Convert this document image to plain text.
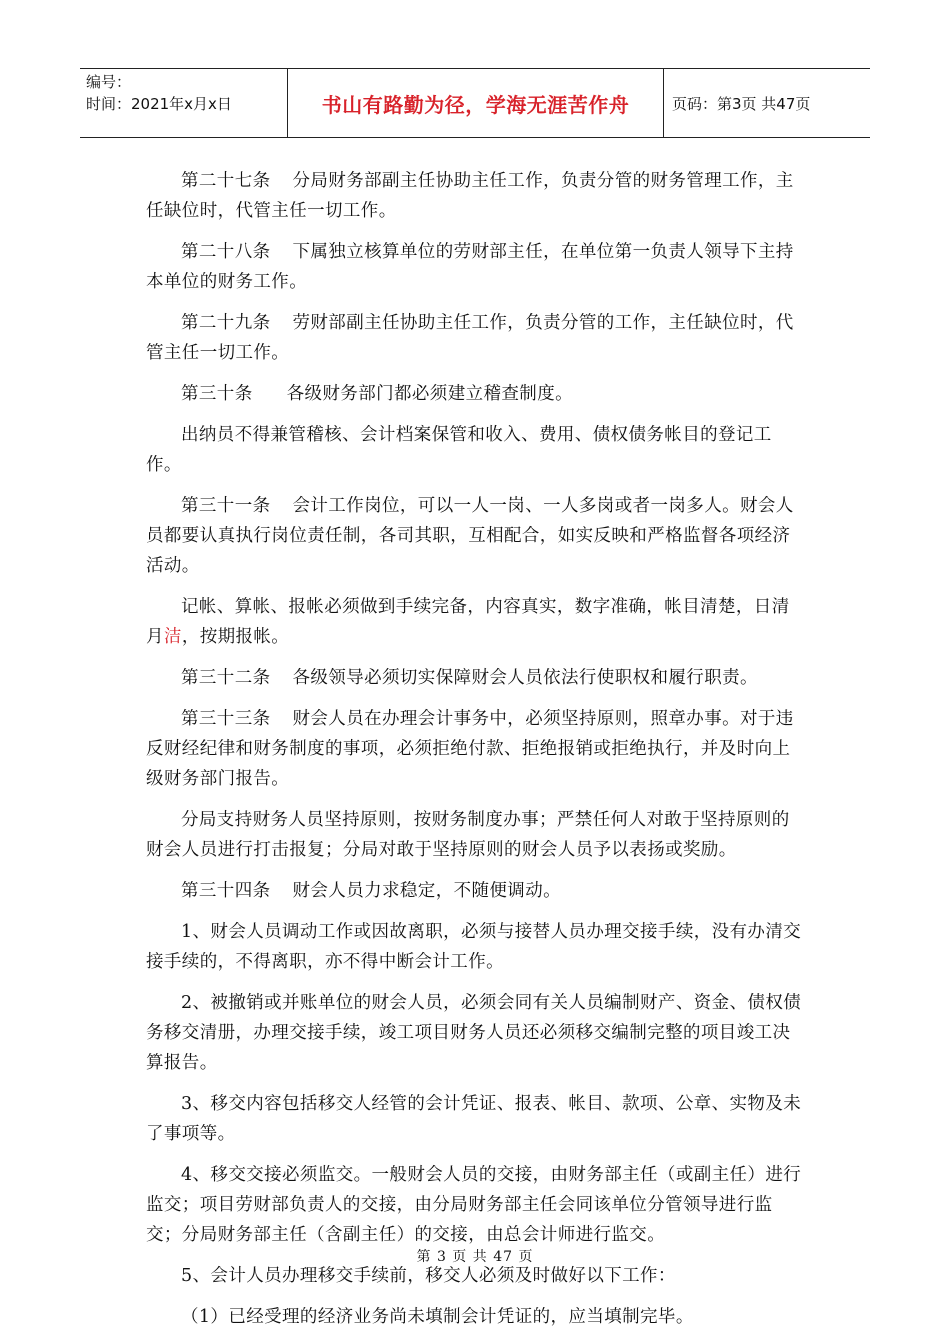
编号：
时间：2021年x月x日	书山有路勤为径，学海无涯苦作舟	页码：第3页 共47页

第二十七条 分局财务部副主任协助主任工作，负责分管的财务管理工作，主任缺位时，代管主任一切工作。

第二十八条 下属独立核算单位的劳财部主任，在单位第一负责人领导下主持本单位的财务工作。

第二十九条 劳财部副主任协助主任工作，负责分管的工作，主任缺位时，代管主任一切工作。

第三十条 各级财务部门都必须建立稽查制度。

出纳员不得兼管稽核、会计档案保管和收入、费用、债权债务帐目的登记工作。

第三十一条 会计工作岗位，可以一人一岗、一人多岗或者一岗多人。财会人员都要认真执行岗位责任制，各司其职，互相配合，如实反映和严格监督各项经济活动。

记帐、算帐、报帐必须做到手续完备，内容真实，数字准确，帐目清楚，日清月洁，按期报帐。

第三十二条 各级领导必须切实保障财会人员依法行使职权和履行职责。

第三十三条 财会人员在办理会计事务中，必须坚持原则，照章办事。对于违反财经纪律和财务制度的事项，必须拒绝付款、拒绝报销或拒绝执行，并及时向上级财务部门报告。

分局支持财务人员坚持原则，按财务制度办事；严禁任何人对敢于坚持原则的财会人员进行打击报复；分局对敢于坚持原则的财会人员予以表扬或奖励。

第三十四条 财会人员力求稳定，不随便调动。

1、财会人员调动工作或因故离职，必须与接替人员办理交接手续，没有办清交接手续的，不得离职，亦不得中断会计工作。

2、被撤销或并账单位的财会人员，必须会同有关人员编制财产、资金、债权债务移交清册，办理交接手续，竣工项目财务人员还必须移交编制完整的项目竣工决算报告。

3、移交内容包括移交人经管的会计凭证、报表、帐目、款项、公章、实物及未了事项等。

4、移交交接必须监交。一般财会人员的交接，由财务部主任（或副主任）进行监交；项目劳财部负责人的交接，由分局财务部主任会同该单位分管领导进行监交；分局财务部主任（含副主任）的交接，由总会计师进行监交。

5、会计人员办理移交手续前，移交人必须及时做好以下工作：

（1）已经受理的经济业务尚未填制会计凭证的，应当填制完毕。

第 3 页 共 47 页
